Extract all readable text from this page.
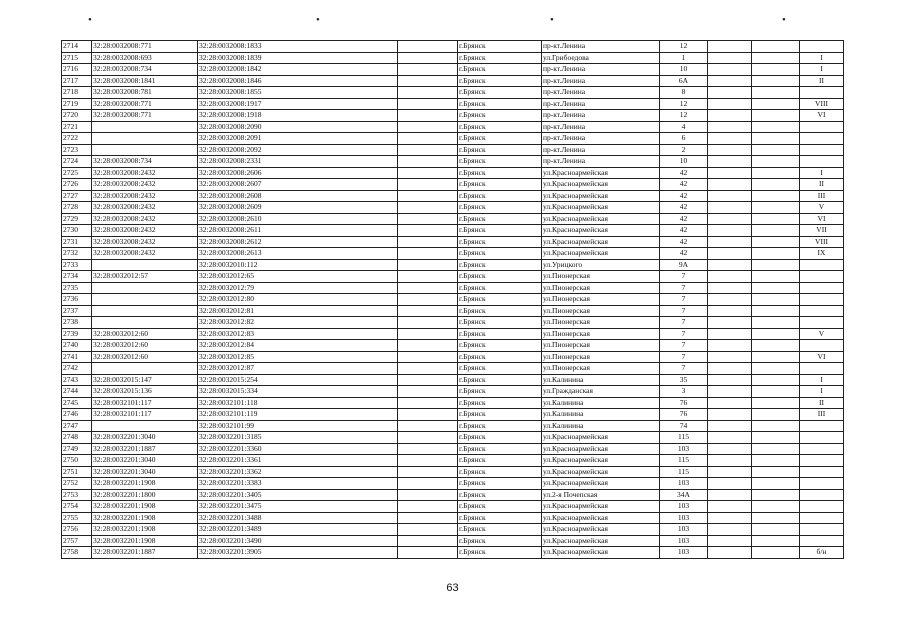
•	•	•	•
2714	32:28:0032008:771	32:28:0032008:1833		г.Брянск	пр-кт.Ленина	12			
2715	32:28:0032008:693	32:28:0032008:1839		г.Брянск	ул.Грибоедова	1			I
2716	32:28:0032008:734	32:28:0032008:1842		г.Брянск	пр-кт.Ленина	10			I
2717	32:28:0032008:1841	32:28:0032008:1846		г.Брянск	пр-кт.Ленина	6А			II
2718	32:28:0032008:781	32:28:0032008:1855		г.Брянск	пр-кт.Ленина	8			
2719	32:28:0032008:771	32:28:0032008:1917		г.Брянск	пр-кт.Ленина	12			VIII
2720	32:28:0032008:771	32:28:0032008:1918		г.Брянск	пр-кт.Ленина	12			VI
2721		32:28:0032008:2090		г.Брянск	пр-кт.Ленина	4			
2722		32:28:0032008:2091		г.Брянск	пр-кт.Ленина	6			
2723		32:28:0032008:2092		г.Брянск	пр-кт.Ленина	2			
2724	32:28:0032008:734	32:28:0032008:2331		г.Брянск	пр-кт.Ленина	10			
2725	32:28:0032008:2432	32:28:0032008:2606		г.Брянск	ул.Красноармейская	42			I
2726	32:28:0032008:2432	32:28:0032008:2607		г.Брянск	ул.Красноармейская	42			II
2727	32:28:0032008:2432	32:28:0032008:2608		г.Брянск	ул.Красноармейская	42			III
2728	32:28:0032008:2432	32:28:0032008:2609		г.Брянск	ул.Красноармейская	42			V
2729	32:28:0032008:2432	32:28:0032008:2610		г.Брянск	ул.Красноармейская	42			VI
2730	32:28:0032008:2432	32:28:0032008:2611		г.Брянск	ул.Красноармейская	42			VII
2731	32:28:0032008:2432	32:28:0032008:2612		г.Брянск	ул.Красноармейская	42			VIII
2732	32:28:0032008:2432	32:28:0032008:2613		г.Брянск	ул.Красноармейская	42			IX
2733		32:28:0032010:112		г.Брянск	ул.Урицкого	9А			
2734	32:28:0032012:57	32:28:0032012:65		г.Брянск	ул.Пионерская	7			
2735		32:28:0032012:79		г.Брянск	ул.Пионерская	7			
2736		32:28:0032012:80		г.Брянск	ул.Пионерская	7			
2737		32:28:0032012:81		г.Брянск	ул.Пионерская	7			
2738		32:28:0032012:82		г.Брянск	ул.Пионерская	7			
2739	32:28:0032012:60	32:28:0032012:83		г.Брянск	ул.Пионерская	7			V
2740	32:28:0032012:60	32:28:0032012:84		г.Брянск	ул.Пионерская	7			
2741	32:28:0032012:60	32:28:0032012:85		г.Брянск	ул.Пионерская	7			VI
2742		32:28:0032012:87		г.Брянск	ул.Пионерская	7			
2743	32:28:0032015:147	32:28:0032015:254		г.Брянск	ул.Калинина	35			I
2744	32:28:0032015:136	32:28:0032015:334		г.Брянск	ул.Гражданская	3			I
2745	32:28:0032101:117	32:28:0032101:118		г.Брянск	ул.Калинина	76			II
2746	32:28:0032101:117	32:28:0032101:119		г.Брянск	ул.Калинина	76			III
2747		32:28:0032101:99		г.Брянск	ул.Калинина	74			
2748	32:28:0032201:3040	32:28:0032201:3185		г.Брянск	ул.Красноармейская	115			
2749	32:28:0032201:1887	32:28:0032201:3360		г.Брянск	ул.Красноармейская	103			
2750	32:28:0032201:3040	32:28:0032201:3361		г.Брянск	ул.Красноармейская	115			
2751	32:28:0032201:3040	32:28:0032201:3362		г.Брянск	ул.Красноармейская	115			
2752	32:28:0032201:1908	32:28:0032201:3383		г.Брянск	ул.Красноармейская	103			
2753	32:28:0032201:1800	32:28:0032201:3405		г.Брянск	ул.2-я Почепская	34А			
2754	32:28:0032201:1908	32:28:0032201:3475		г.Брянск	ул.Красноармейская	103			
2755	32:28:0032201:1908	32:28:0032201:3488		г.Брянск	ул.Красноармейская	103			
2756	32:28:0032201:1908	32:28:0032201:3489		г.Брянск	ул.Красноармейская	103			
2757	32:28:0032201:1908	32:28:0032201:3490		г.Брянск	ул.Красноармейская	103			
2758	32:28:0032201:1887	32:28:0032201:3905		г.Брянск	ул.Красноармейская	103			б/н
63
